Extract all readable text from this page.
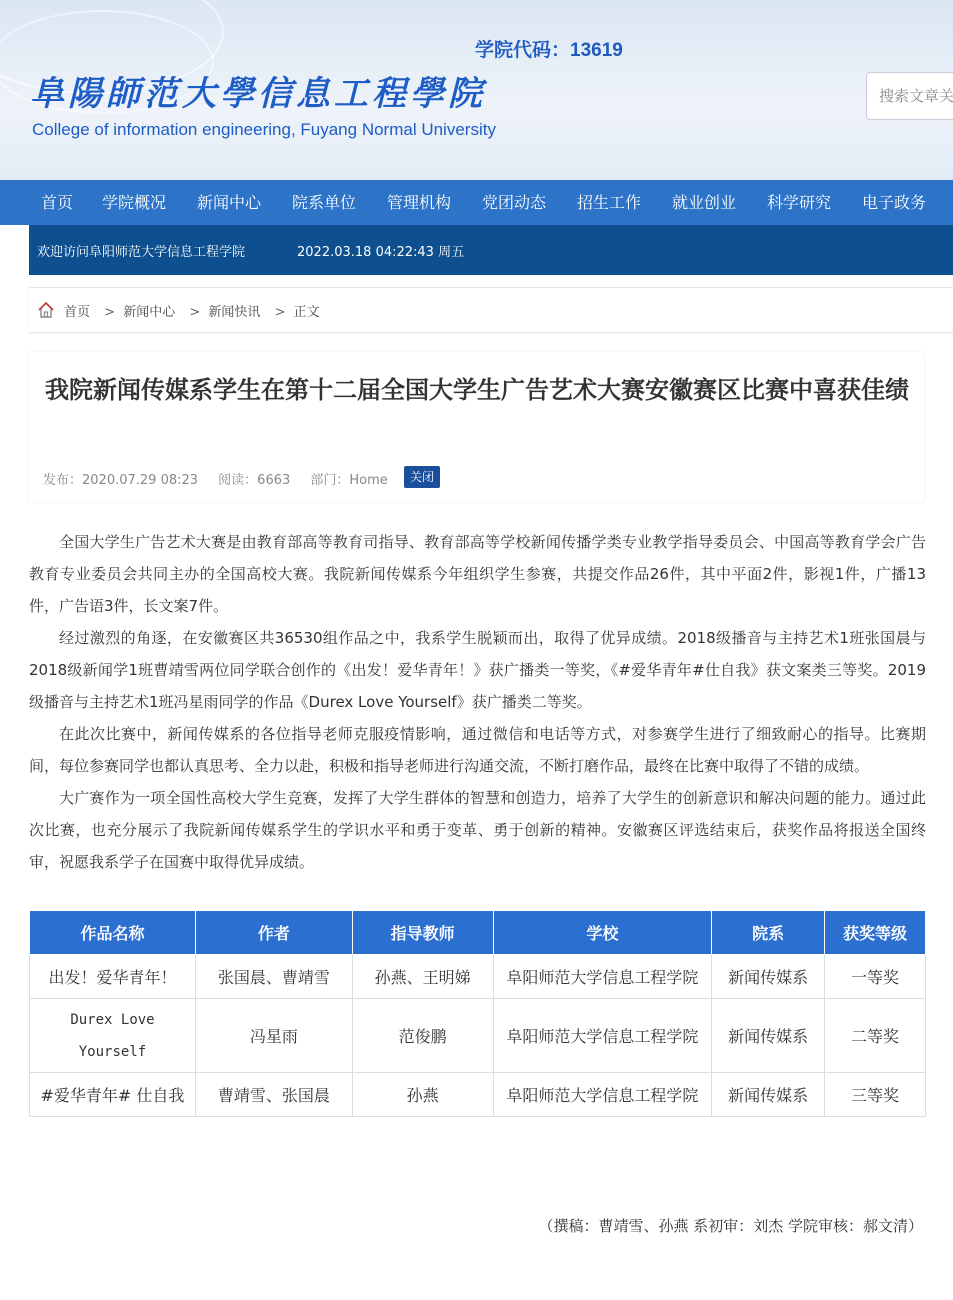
学院代码：13619
阜陽師范大學信息工程學院
College of information engineering, Fuyang Normal University
搜索文章关键字
首页 学院概况 新闻中心 院系单位 管理机构 党团动态 招生工作 就业创业 科学研究 电子政务
欢迎访问阜阳师范大学信息工程学院	2022.03.18 04:22:43 周五
首页 > 新闻中心 > 新闻快讯 > 正文
我院新闻传媒系学生在第十二届全国大学生广告艺术大赛安徽赛区比赛中喜获佳绩
发布：2020.07.29 08:23 阅读：6663 部门：Home	关闭

全国大学生广告艺术大赛是由教育部高等教育司指导、教育部高等学校新闻传播学类专业教学指导委员会、中国高等教育学会广告教育专业委员会共同主办的全国高校大赛。我院新闻传媒系今年组织学生参赛，共提交作品26件，其中平面2件，影视1件，广播13件，广告语3件，长文案7件。

经过激烈的角逐，在安徽赛区共36530组作品之中，我系学生脱颖而出，取得了优异成绩。2018级播音与主持艺术1班张国晨与2018级新闻学1班曹靖雪两位同学联合创作的《出发！爱华青年！》获广播类一等奖，《#爱华青年#仕自我》获文案类三等奖。2019级播音与主持艺术1班冯星雨同学的作品《Durex Love Yourself》获广播类二等奖。

在此次比赛中，新闻传媒系的各位指导老师克服疫情影响，通过微信和电话等方式，对参赛学生进行了细致耐心的指导。比赛期间，每位参赛同学也都认真思考、全力以赴，积极和指导老师进行沟通交流，不断打磨作品，最终在比赛中取得了不错的成绩。

大广赛作为一项全国性高校大学生竞赛，发挥了大学生群体的智慧和创造力，培养了大学生的创新意识和解决问题的能力。通过此次比赛，也充分展示了我院新闻传媒系学生的学识水平和勇于变革、勇于创新的精神。安徽赛区评选结束后，获奖作品将报送全国终审，祝愿我系学子在国赛中取得优异成绩。

作品名称	作者	指导教师	学校	院系	获奖等级
出发！爱华青年！	张国晨、曹靖雪	孙燕、王明娣	阜阳师范大学信息工程学院	新闻传媒系	一等奖
Durex Love Yourself	冯星雨	范俊鹏	阜阳师范大学信息工程学院	新闻传媒系	二等奖
#爱华青年# 仕自我	曹靖雪、张国晨	孙燕	阜阳师范大学信息工程学院	新闻传媒系	三等奖
（撰稿：曹靖雪、孙燕 系初审：刘杰 学院审核：郝文清）
